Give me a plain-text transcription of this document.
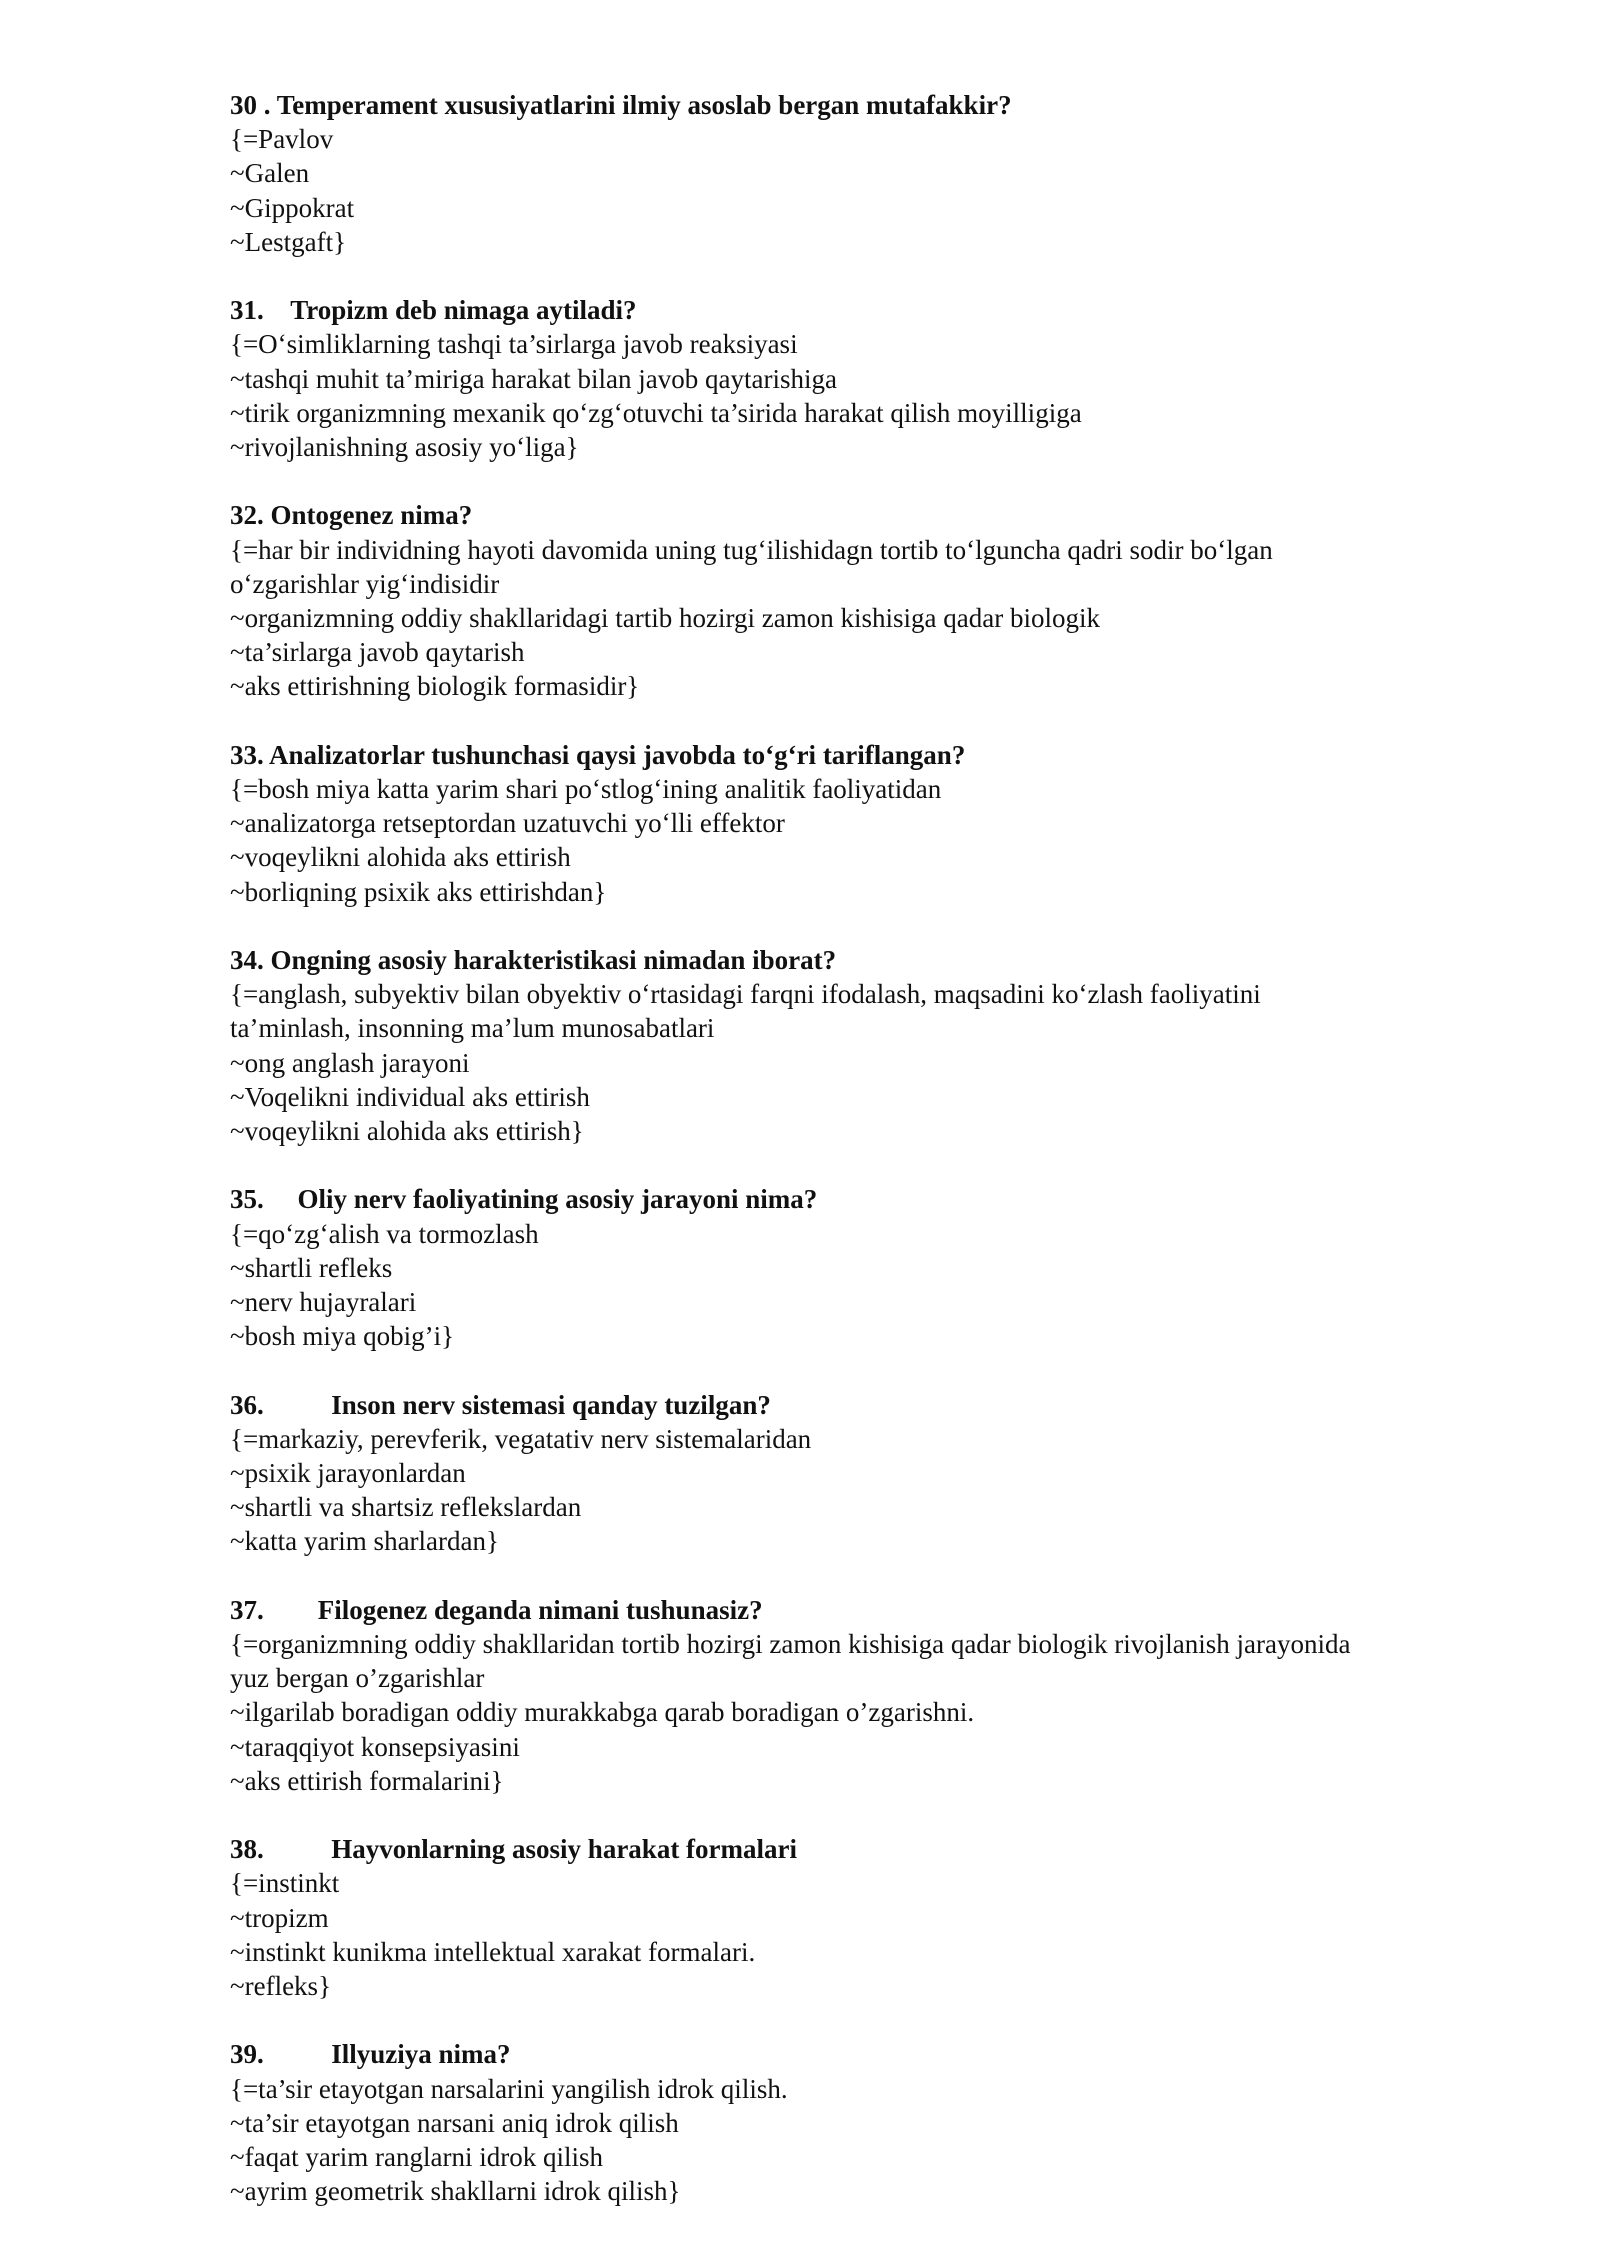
30 . Temperament xususiyatlarini ilmiy asoslab bergan mutafakkir?
{=Pavlov
~Galen
~Gippokrat
~Lestgaft}
31.    Tropizm deb nimaga aytiladi?
{=O‘simliklarning tashqi ta’sirlarga javob reaksiyasi
~tashqi muhit ta’miriga harakat bilan javob qaytarishiga
~tirik organizmning mexanik qo‘zg‘otuvchi ta’sirida harakat qilish moyilligiga
~rivojlanishning asosiy yo‘liga}
32. Ontogenez nima?
{=har bir individning hayoti davomida uning tug‘ilishidagn tortib to‘lguncha qadri sodir bo‘lgan
o‘zgarishlar yig‘indisidir
~organizmning oddiy shakllaridagi tartib hozirgi zamon kishisiga qadar biologik
~ta’sirlarga javob qaytarish
~aks ettirishning biologik formasidir}
33. Analizatorlar tushunchasi qaysi javobda to‘g‘ri tariflangan?
{=bosh miya katta yarim shari po‘stlog‘ining analitik faoliyatidan
~analizatorga retseptordan uzatuvchi yo‘lli effektor
~voqeylikni alohida aks ettirish
~borliqning psixik aks ettirishdan}
34. Ongning asosiy harakteristikasi nimadan iborat?
{=anglash, subyektiv bilan obyektiv o‘rtasidagi farqni ifodalash, maqsadini ko‘zlash faoliyatini
ta’minlash, insonning ma’lum munosabatlari
~ong anglash jarayoni
~Voqelikni individual aks ettirish
~voqeylikni alohida aks ettirish}
35.     Oliy nerv faoliyatining asosiy jarayoni nima?
{=qo‘zg‘alish va tormozlash
~shartli refleks
~nerv hujayralari
~bosh miya qobig’i}
36.          Inson nerv sistemasi qanday tuzilgan?
{=markaziy, perevferik, vegatativ nerv sistemalaridan
~psixik jarayonlardan
~shartli va shartsiz reflekslardan
~katta yarim sharlardan}
37.        Filogenez deganda nimani tushunasiz?
{=organizmning oddiy shakllaridan tortib hozirgi zamon kishisiga qadar biologik rivojlanish jarayonida
yuz bergan o’zgarishlar
~ilgarilab boradigan oddiy murakkabga qarab boradigan o’zgarishni.
~taraqqiyot konsepsiyasini
~aks ettirish formalarini}
38.          Hayvonlarning asosiy harakat formalari
{=instinkt
~tropizm
~instinkt kunikma intellektual xarakat formalari.
~refleks}
39.          Illyuziya nima?
{=ta’sir etayotgan narsalarini yangilish idrok qilish.
~ta’sir etayotgan narsani aniq idrok qilish
~faqat yarim ranglarni idrok qilish
~ayrim geometrik shakllarni idrok qilish}
